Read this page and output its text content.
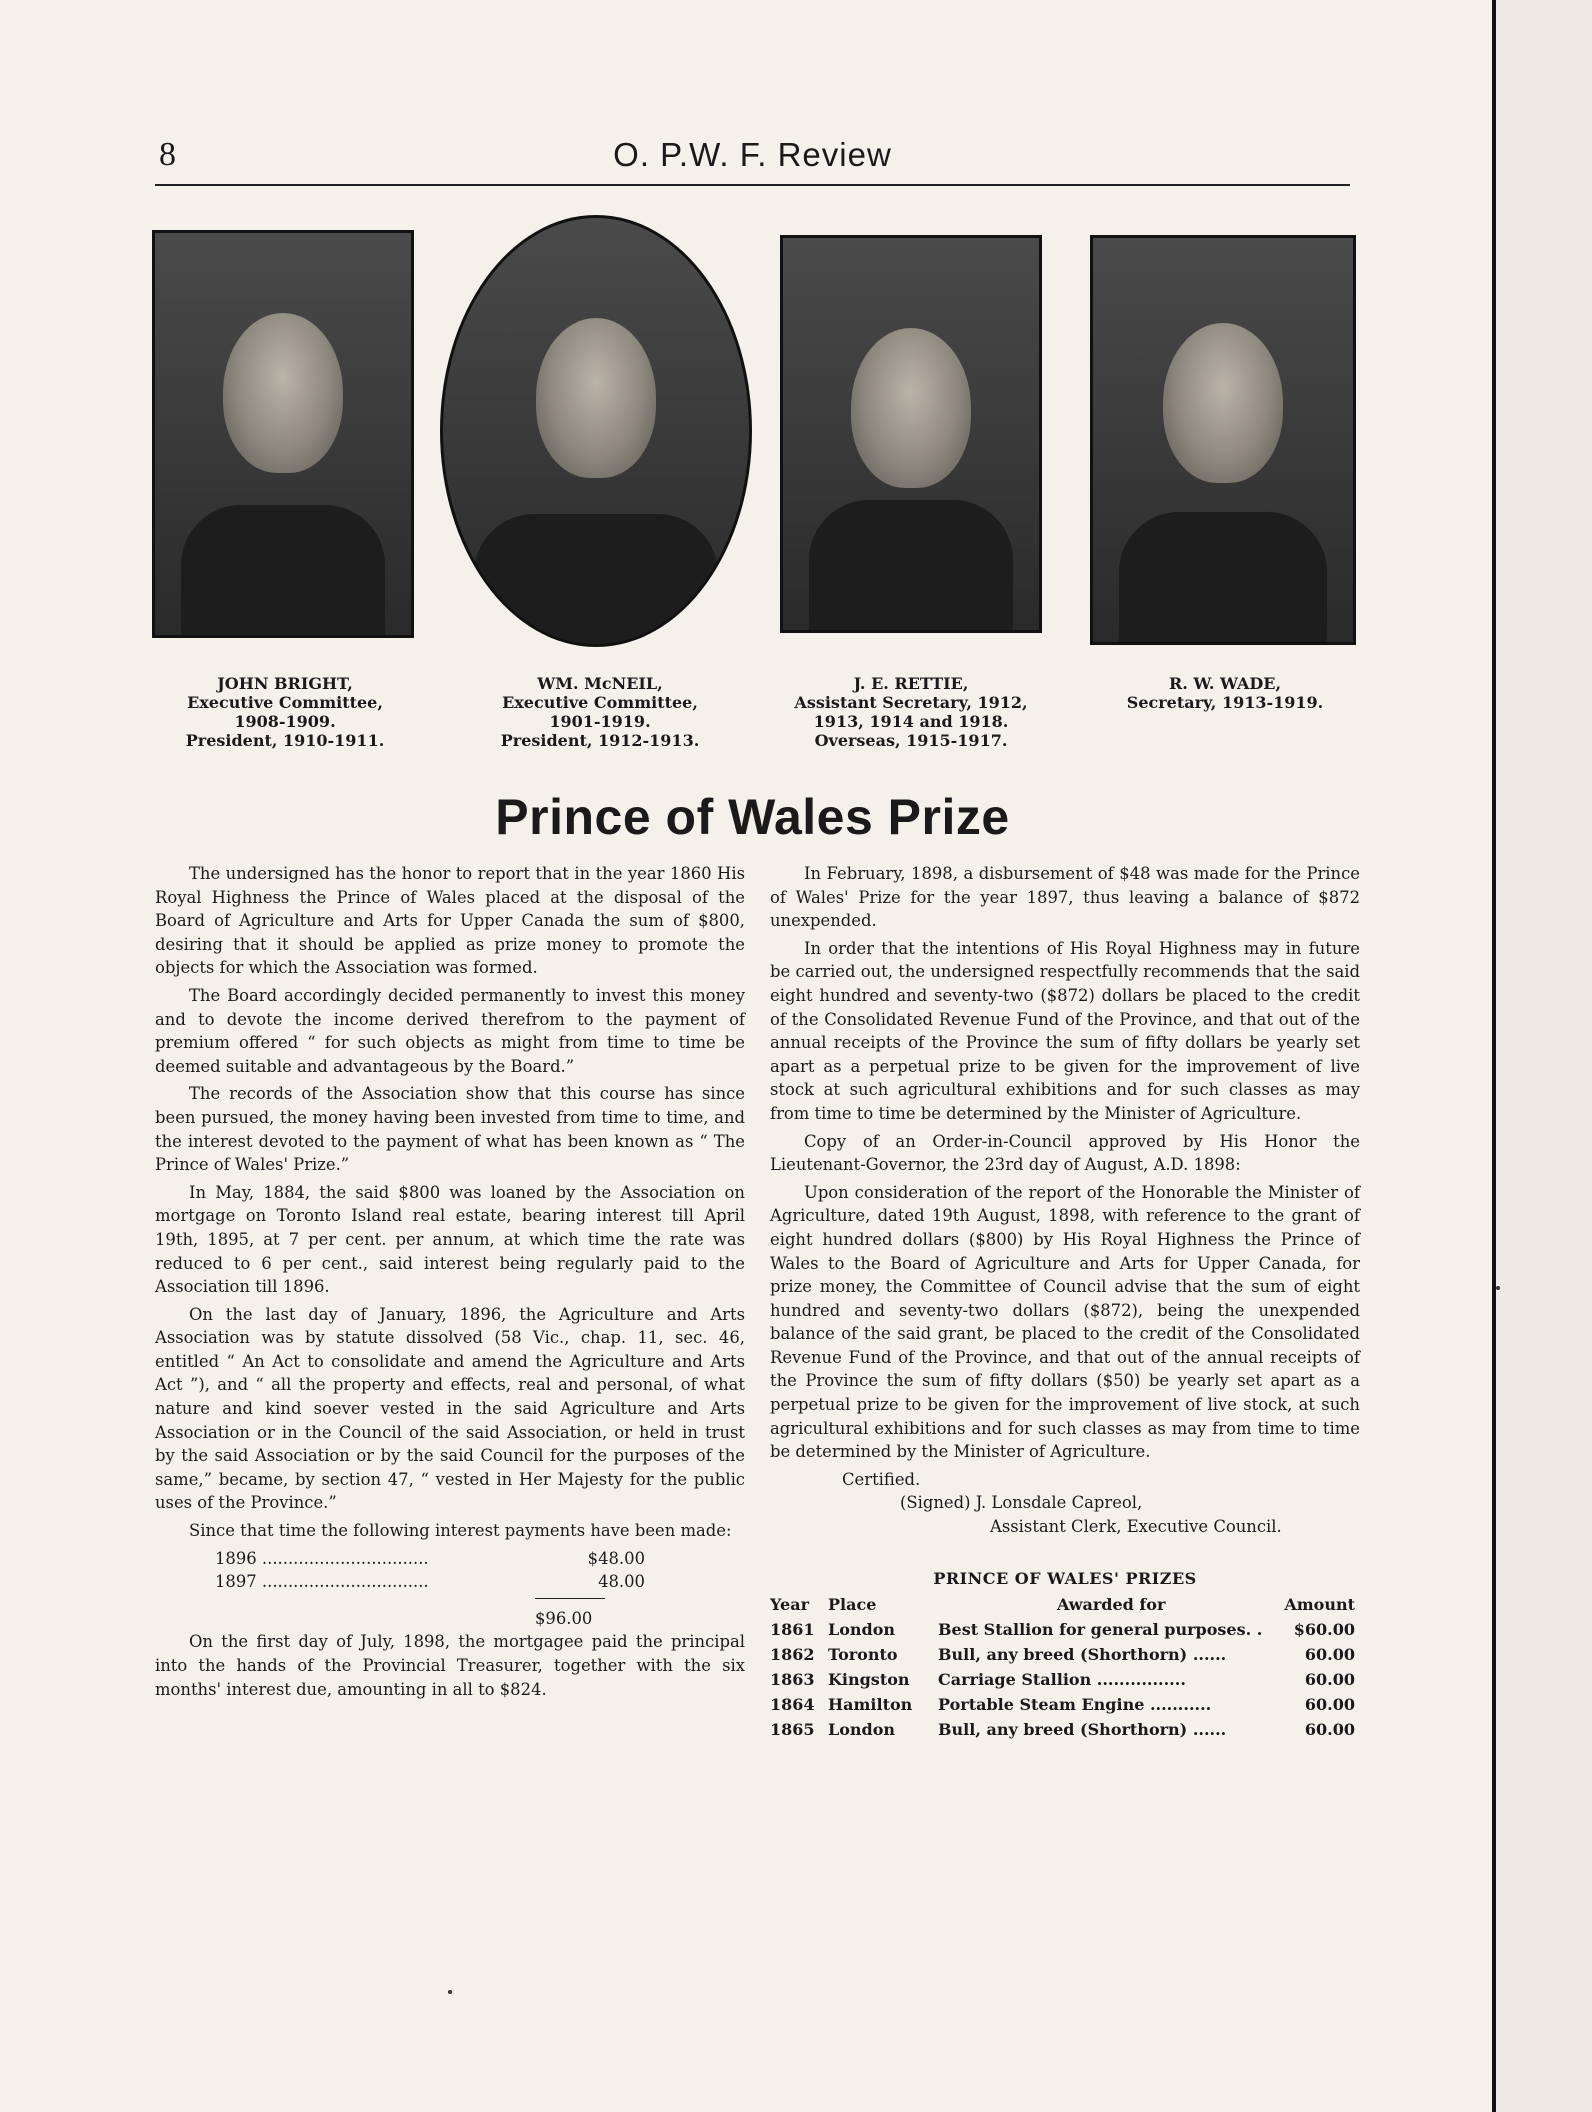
8	O. P.W. F. Review
JOHN BRIGHT,
Executive Committee,
1908-1909.
President, 1910-1911.
WM. McNEIL,
Executive Committee,
1901-1919.
President, 1912-1913.
J. E. RETTIE,
Assistant Secretary, 1912,
1913, 1914 and 1918.
Overseas, 1915-1917.
R. W. WADE,
Secretary, 1913-1919.
Prince of Wales Prize

The undersigned has the honor to report that in the year 1860 His Royal Highness the Prince of Wales placed at the disposal of the Board of Agriculture and Arts for Upper Canada the sum of $800, desiring that it should be applied as prize money to promote the objects for which the Association was formed.

The Board accordingly decided permanently to invest this money and to devote the income derived therefrom to the payment of premium offered “ for such objects as might from time to time be deemed suitable and advantageous by the Board.”

The records of the Association show that this course has since been pursued, the money having been invested from time to time, and the interest devoted to the payment of what has been known as “ The Prince of Wales' Prize.”

In May, 1884, the said $800 was loaned by the Association on mortgage on Toronto Island real estate, bearing interest till April 19th, 1895, at 7 per cent. per annum, at which time the rate was reduced to 6 per cent., said interest being regularly paid to the Association till 1896.

On the last day of January, 1896, the Agriculture and Arts Association was by statute dissolved (58 Vic., chap. 11, sec. 46, entitled “ An Act to consolidate and amend the Agriculture and Arts Act ”), and “ all the property and effects, real and personal, of what nature and kind soever vested in the said Agriculture and Arts Association or in the Council of the said Association, or held in trust by the said Association or by the said Council for the purposes of the same,” became, by section 47, “ vested in Her Majesty for the public uses of the Province.”

Since that time the following interest payments have been made:

1896 ................................	$48.00
1897 ................................	48.00
$96.00

On the first day of July, 1898, the mortgagee paid the principal into the hands of the Provincial Treasurer, together with the six months' interest due, amounting in all to $824.

In February, 1898, a disbursement of $48 was made for the Prince of Wales' Prize for the year 1897, thus leaving a balance of $872 unexpended.

In order that the intentions of His Royal Highness may in future be carried out, the undersigned respectfully recommends that the said eight hundred and seventy-two ($872) dollars be placed to the credit of the Consolidated Revenue Fund of the Province, and that out of the annual receipts of the Province the sum of fifty dollars be yearly set apart as a perpetual prize to be given for the improvement of live stock at such agricultural exhibitions and for such classes as may from time to time be determined by the Minister of Agriculture.

Copy of an Order-in-Council approved by His Honor the Lieutenant-Governor, the 23rd day of August, A.D. 1898:

Upon consideration of the report of the Honorable the Minister of Agriculture, dated 19th August, 1898, with reference to the grant of eight hundred dollars ($800) by His Royal Highness the Prince of Wales to the Board of Agriculture and Arts for Upper Canada, for prize money, the Committee of Council advise that the sum of eight hundred and seventy-two dollars ($872), being the unexpended balance of the said grant, be placed to the credit of the Consolidated Revenue Fund of the Province, and that out of the annual receipts of the Province the sum of fifty dollars ($50) be yearly set apart as a perpetual prize to be given for the improvement of live stock, at such agricultural exhibitions and for such classes as may from time to time be determined by the Minister of Agriculture.

Certified.
(Signed) J. Lonsdale Capreol,
Assistant Clerk, Executive Council.
PRINCE OF WALES' PRIZES
Year	Place	Awarded for	Amount
1861	London	Best Stallion for general purposes. .	$60.00
1862	Toronto	Bull, any breed (Shorthorn) ......	60.00
1863	Kingston	Carriage Stallion ................	60.00
1864	Hamilton	Portable Steam Engine ...........	60.00
1865	London	Bull, any breed (Shorthorn) ......	60.00
